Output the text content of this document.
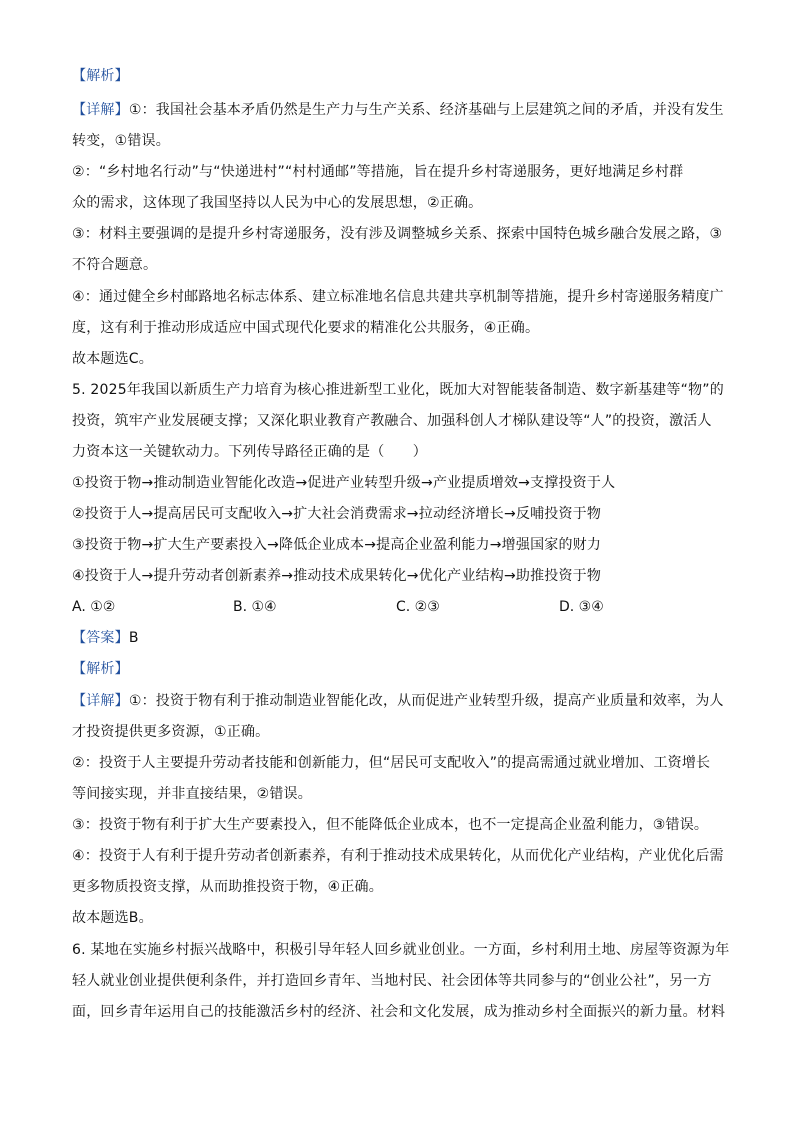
【解析】
【详解】①：我国社会基本矛盾仍然是生产力与生产关系、经济基础与上层建筑之间的矛盾，并没有发生
转变，①错误。
②：“乡村地名行动”与“快递进村”“村村通邮”等措施，旨在提升乡村寄递服务，更好地满足乡村群
众的需求，这体现了我国坚持以人民为中心的发展思想，②正确。
③：材料主要强调的是提升乡村寄递服务，没有涉及调整城乡关系、探索中国特色城乡融合发展之路，③
不符合题意。
④：通过健全乡村邮路地名标志体系、建立标准地名信息共建共享机制等措施，提升乡村寄递服务精度广
度，这有利于推动形成适应中国式现代化要求的精准化公共服务，④正确。
故本题选C。
5. 2025年我国以新质生产力培育为核心推进新型工业化，既加大对智能装备制造、数字新基建等“物”的
投资，筑牢产业发展硬支撑；又深化职业教育产教融合、加强科创人才梯队建设等“人”的投资，激活人
力资本这一关键软动力。下列传导路径正确的是（　　）
①投资于物→推动制造业智能化改造→促进产业转型升级→产业提质增效→支撑投资于人
②投资于人→提高居民可支配收入→扩大社会消费需求→拉动经济增长→反哺投资于物
③投资于物→扩大生产要素投入→降低企业成本→提高企业盈利能力→增强国家的财力
④投资于人→提升劳动者创新素养→推动技术成果转化→优化产业结构→助推投资于物
A. ①②	B. ①④	C. ②③	D. ③④
【答案】B
【解析】
【详解】①：投资于物有利于推动制造业智能化改，从而促进产业转型升级，提高产业质量和效率，为人
才投资提供更多资源，①正确。
②：投资于人主要提升劳动者技能和创新能力，但“居民可支配收入”的提高需通过就业增加、工资增长
等间接实现，并非直接结果，②错误。
③：投资于物有利于扩大生产要素投入，但不能降低企业成本，也不一定提高企业盈利能力，③错误。
④：投资于人有利于提升劳动者创新素养，有利于推动技术成果转化，从而优化产业结构，产业优化后需
更多物质投资支撑，从而助推投资于物，④正确。
故本题选B。
6. 某地在实施乡村振兴战略中，积极引导年轻人回乡就业创业。一方面，乡村利用土地、房屋等资源为年
轻人就业创业提供便利条件，并打造回乡青年、当地村民、社会团体等共同参与的“创业公社”，另一方
面，回乡青年运用自己的技能激活乡村的经济、社会和文化发展，成为推动乡村全面振兴的新力量。材料
